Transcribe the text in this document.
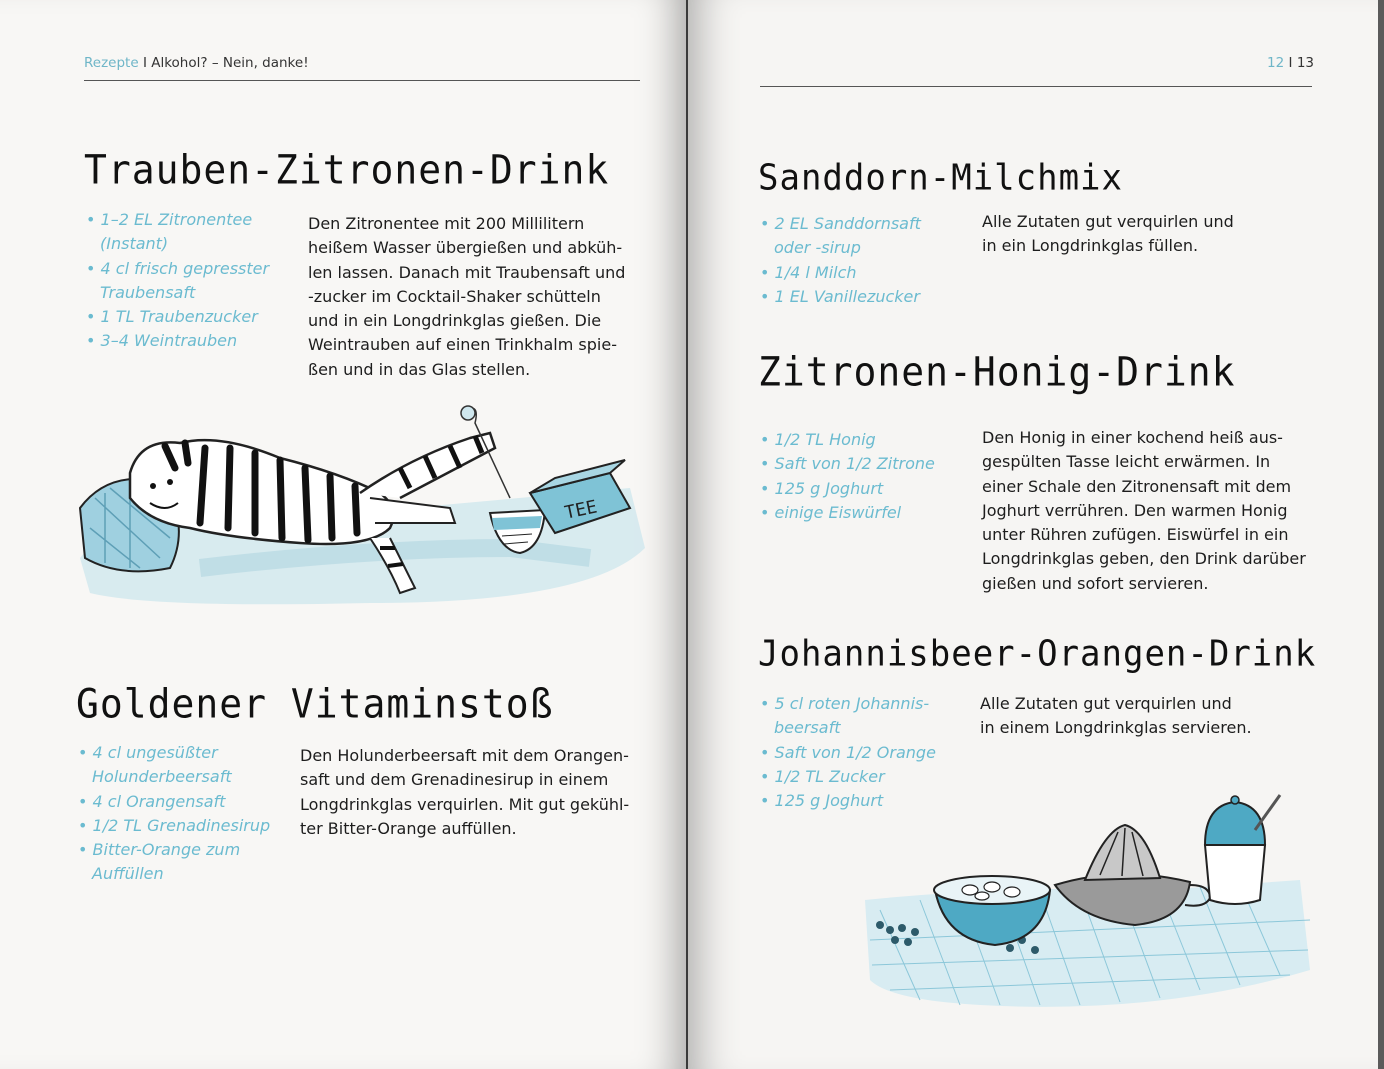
Rezepte I Alkohol? – Nein, danke!
Trauben-Zitronen-Drink
• 1–2 EL Zitronentee (Instant)
• 4 cl frisch gepresster Traubensaft
• 1 TL Traubenzucker
• 3–4 Weintrauben
Den Zitronentee mit 200 Millilitern
heißem Wasser übergießen und abküh-
len lassen. Danach mit Traubensaft und
-zucker im Cocktail-Shaker schütteln
und in ein Longdrinkglas gießen. Die
Weintrauben auf einen Trinkhalm spie-
ßen und in das Glas stellen.
TEE
Goldener Vitaminstoß
• 4 cl ungesüßter Holunderbeersaft
• 4 cl Orangensaft
• 1/2 TL Grenadinesirup
• Bitter-Orange zum Auffüllen
Den Holunderbeersaft mit dem Orangen-
saft und dem Grenadinesirup in einem
Longdrinkglas verquirlen. Mit gut gekühl-
ter Bitter-Orange auffüllen.
12 I 13
Sanddorn-Milchmix
• 2 EL Sanddornsaft oder -sirup
• 1/4 l Milch
• 1 EL Vanillezucker
Alle Zutaten gut verquirlen und
in ein Longdrinkglas füllen.
Zitronen-Honig-Drink
• 1/2 TL Honig
• Saft von 1/2 Zitrone
• 125 g Joghurt
• einige Eiswürfel
Den Honig in einer kochend heiß aus-
gespülten Tasse leicht erwärmen. In
einer Schale den Zitronensaft mit dem
Joghurt verrühren. Den warmen Honig
unter Rühren zufügen. Eiswürfel in ein
Longdrinkglas geben, den Drink darüber
gießen und sofort servieren.
Johannisbeer-Orangen-Drink
• 5 cl roten Johannis-beersaft
• Saft von 1/2 Orange
• 1/2 TL Zucker
• 125 g Joghurt
Alle Zutaten gut verquirlen und
in einem Longdrinkglas servieren.
